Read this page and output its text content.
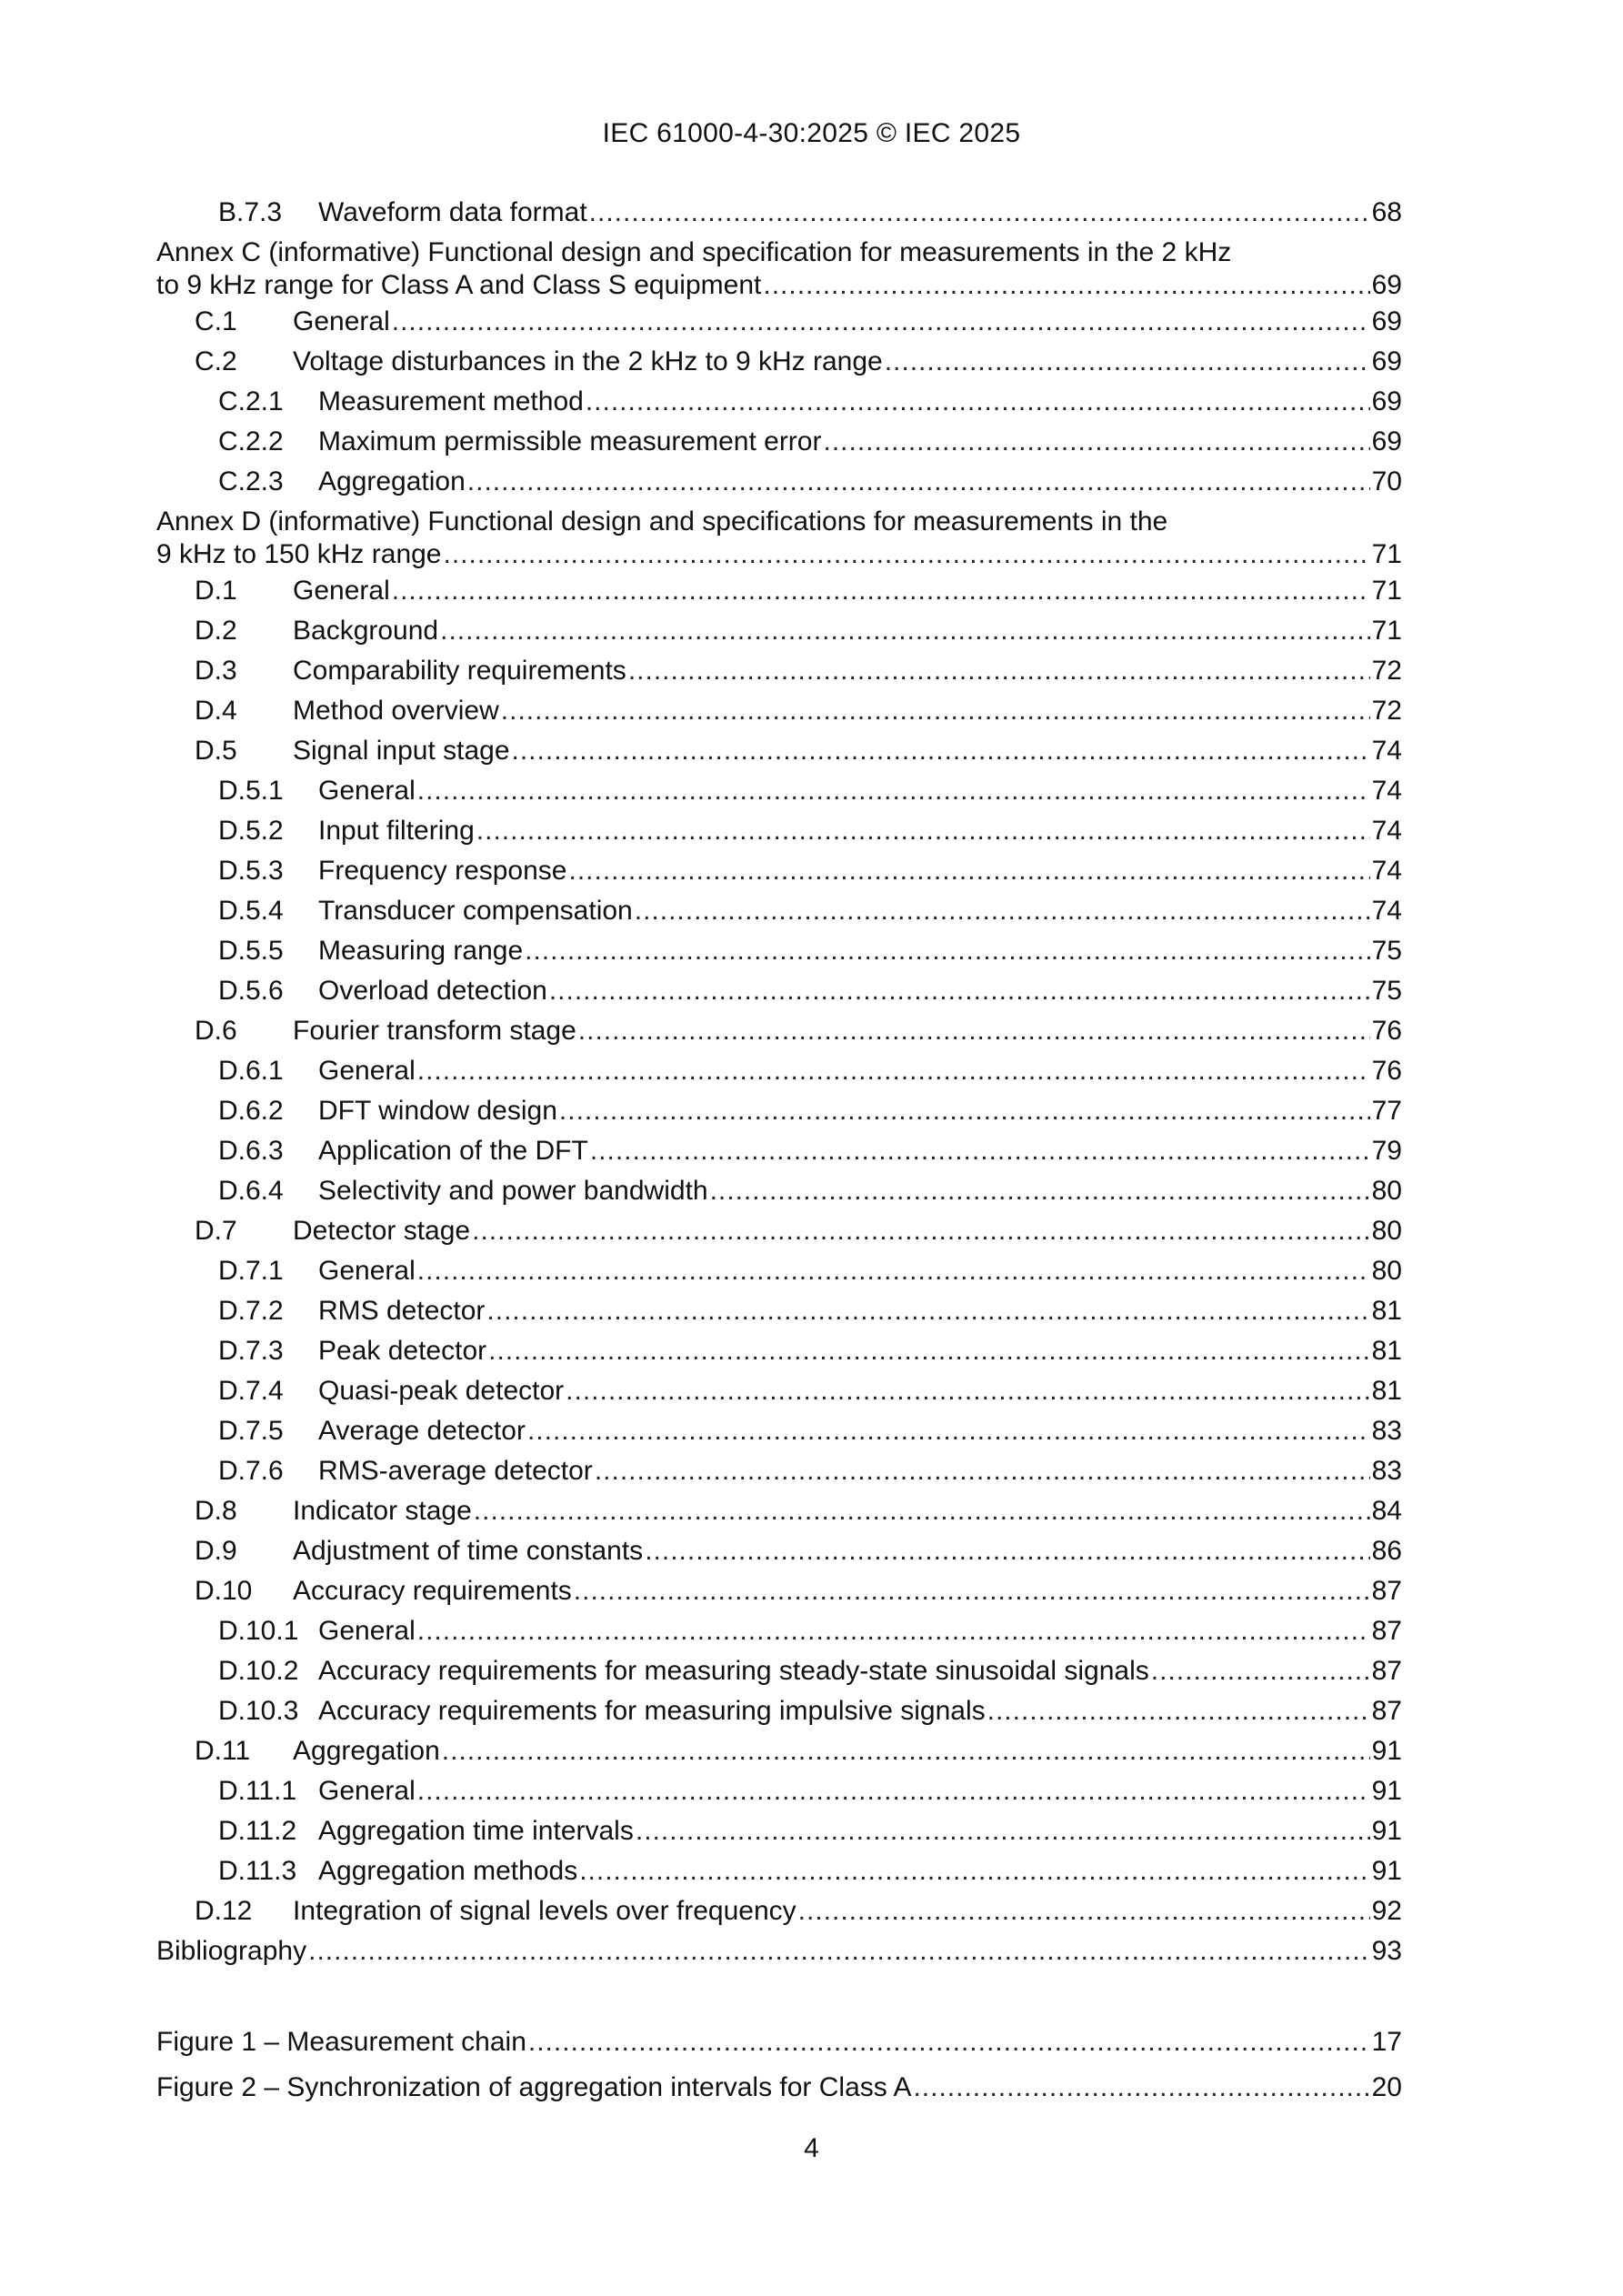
IEC 61000-4-30:2025 © IEC 2025
B.7.3	Waveform data format .....	68
Annex C (informative) Functional design and specification for measurements in the 2 kHz
to 9 kHz range for Class A and Class S equipment .....	69
C.1	General .....	69
C.2	Voltage disturbances in the 2 kHz to 9 kHz range .....	69
C.2.1	Measurement method .....	69
C.2.2	Maximum permissible measurement error .....	69
C.2.3	Aggregation .....	70
Annex D (informative) Functional design and specifications for measurements in the
9 kHz to 150 kHz range .....	71
D.1	General .....	71
D.2	Background .....	71
D.3	Comparability requirements .....	72
D.4	Method overview .....	72
D.5	Signal input stage .....	74
D.5.1	General .....	74
D.5.2	Input filtering .....	74
D.5.3	Frequency response .....	74
D.5.4	Transducer compensation .....	74
D.5.5	Measuring range .....	75
D.5.6	Overload detection .....	75
D.6	Fourier transform stage .....	76
D.6.1	General .....	76
D.6.2	DFT window design .....	77
D.6.3	Application of the DFT .....	79
D.6.4	Selectivity and power bandwidth .....	80
D.7	Detector stage .....	80
D.7.1	General .....	80
D.7.2	RMS detector .....	81
D.7.3	Peak detector .....	81
D.7.4	Quasi-peak detector .....	81
D.7.5	Average detector .....	83
D.7.6	RMS-average detector .....	83
D.8	Indicator stage .....	84
D.9	Adjustment of time constants .....	86
D.10	Accuracy requirements .....	87
D.10.1 General .....	87
D.10.2 Accuracy requirements for measuring steady-state sinusoidal signals .....	87
D.10.3 Accuracy requirements for measuring impulsive signals .....	87
D.11	Aggregation .....	91
D.11.1 General .....	91
D.11.2 Aggregation time intervals .....	91
D.11.3 Aggregation methods .....	91
D.12	Integration of signal levels over frequency .....	92
Bibliography .....	93
Figure 1 – Measurement chain .....	17
Figure 2 – Synchronization of aggregation intervals for Class A .....	20
4
